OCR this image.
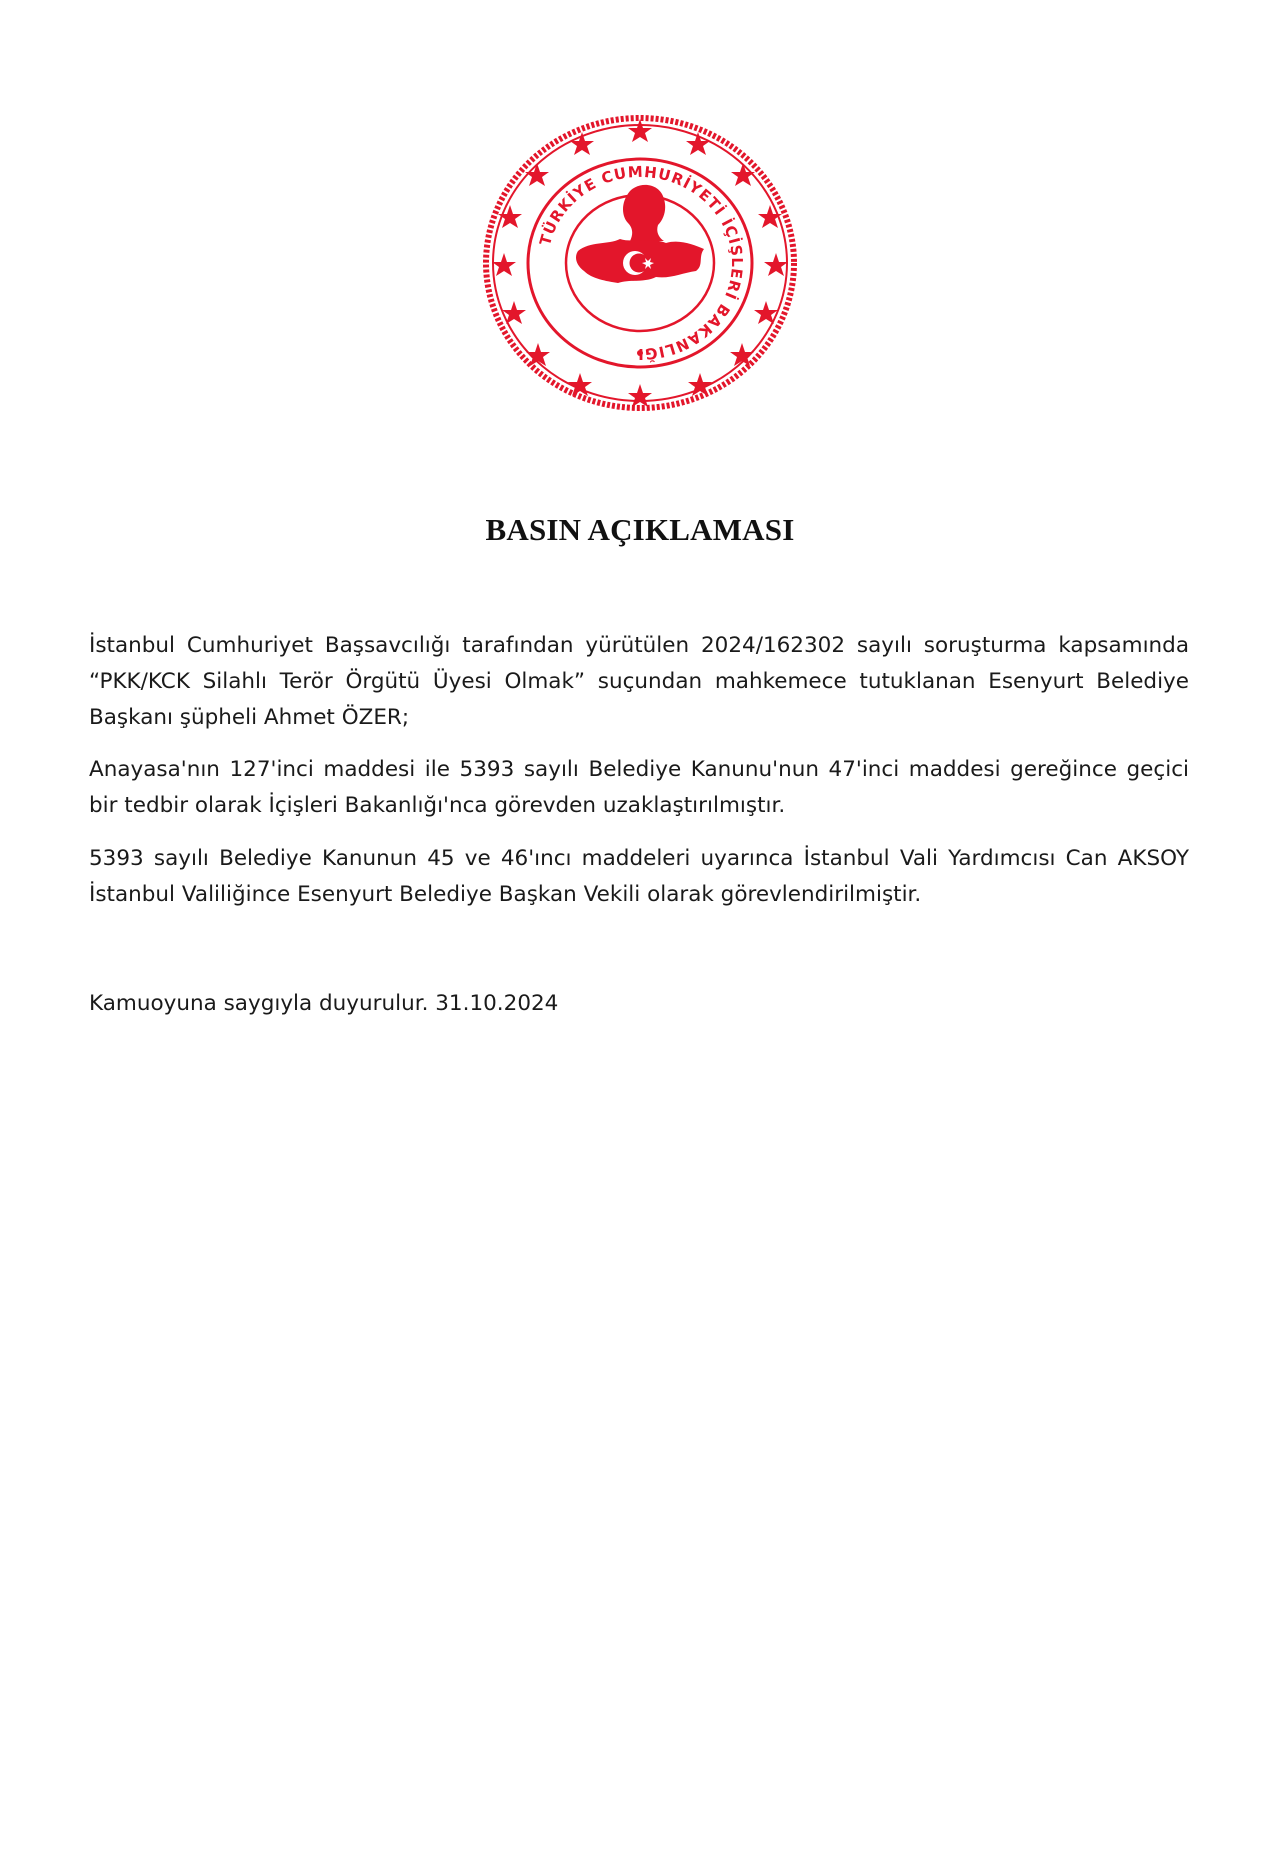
TÜRKİYE CUMHURİYETİ İÇİŞLERİ BAKANLIĞ
BASIN AÇIKLAMASI

İstanbul Cumhuriyet Başsavcılığı tarafından yürütülen 2024/162302 sayılı soruşturma kapsamında “PKK/KCK Silahlı Terör Örgütü Üyesi Olmak” suçundan mahkemece tutuklanan Esenyurt Belediye Başkanı şüpheli Ahmet ÖZER;

Anayasa'nın 127'inci maddesi ile 5393 sayılı Belediye Kanunu'nun 47'inci maddesi gereğince geçici bir tedbir olarak İçişleri Bakanlığı'nca görevden uzaklaştırılmıştır.

5393 sayılı Belediye Kanunun 45 ve 46'ıncı maddeleri uyarınca İstanbul Vali Yardımcısı Can AKSOY İstanbul Valiliğince Esenyurt Belediye Başkan Vekili olarak görevlendirilmiştir.

Kamuoyuna saygıyla duyurulur. 31.10.2024
